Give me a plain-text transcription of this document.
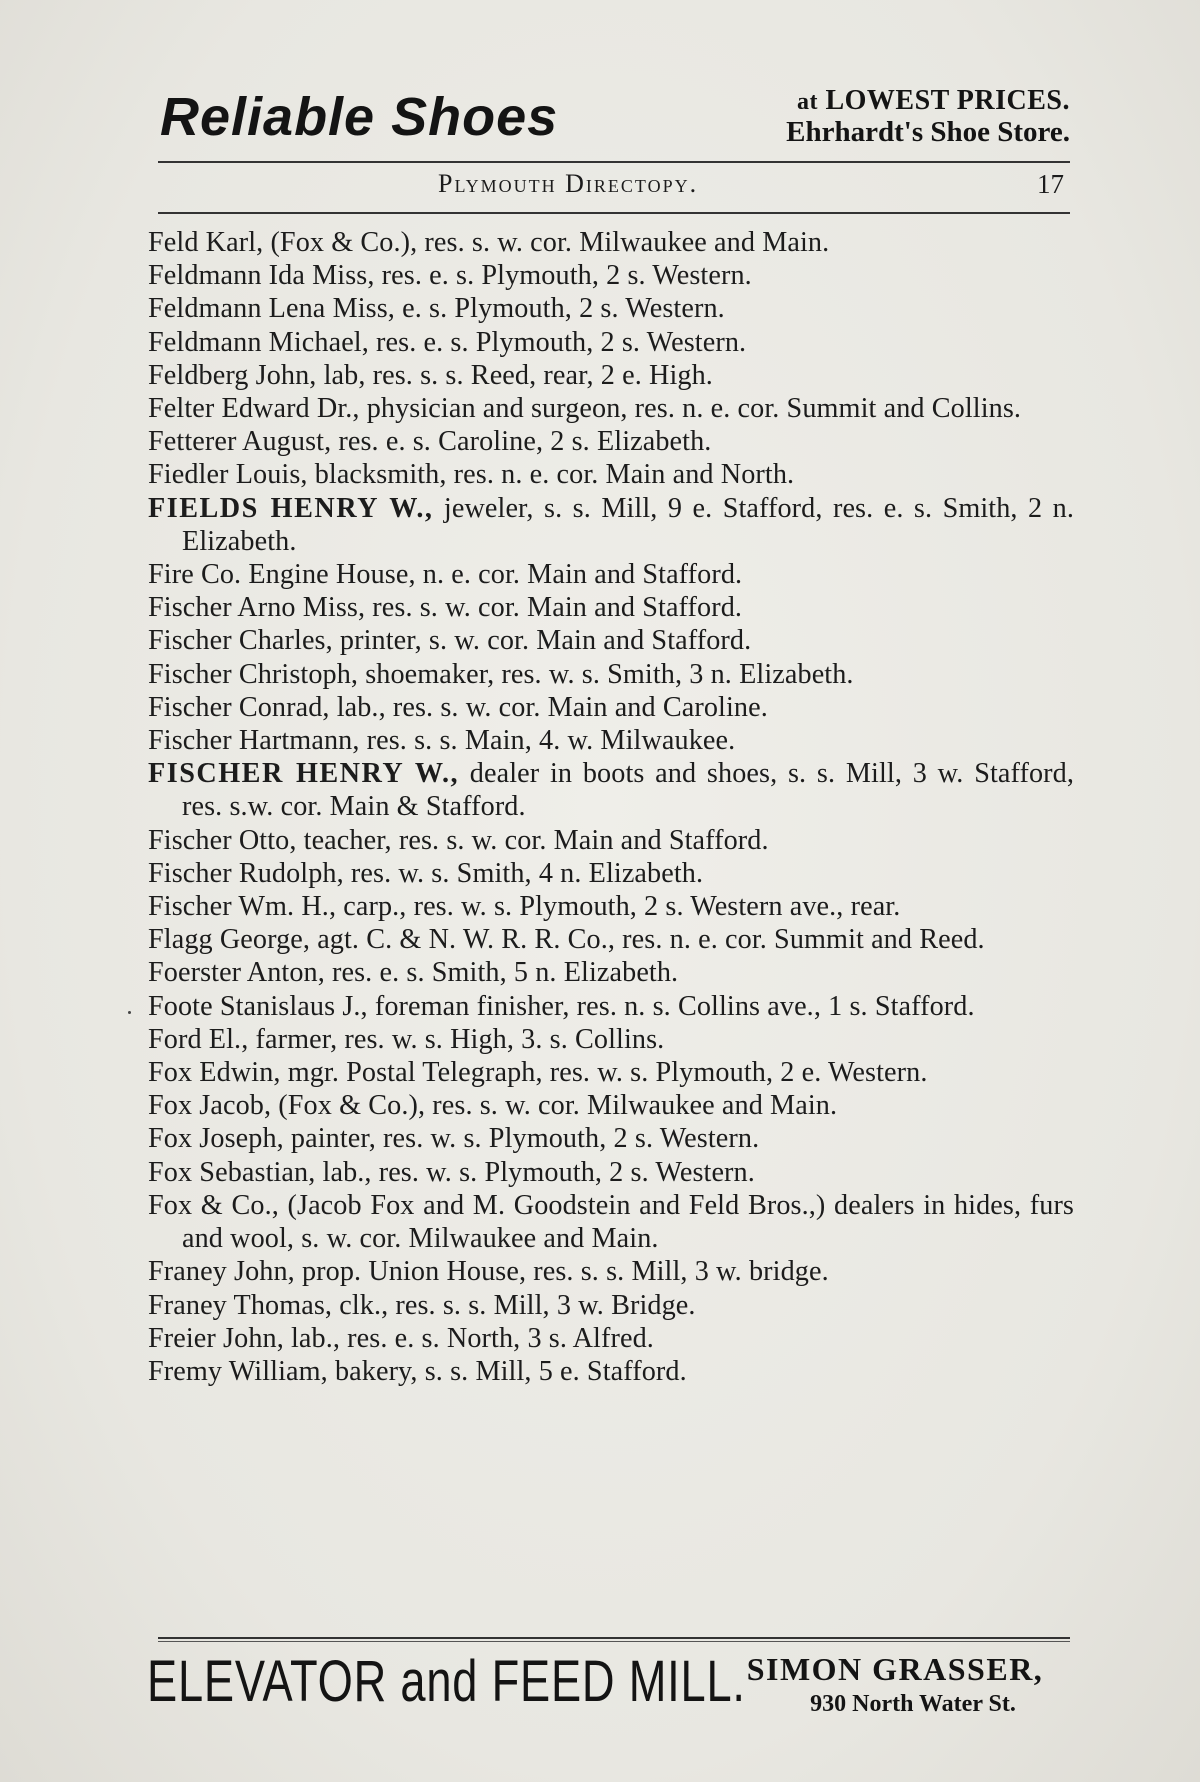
Reliable Shoes	at LOWEST PRICES.
Ehrhardt's Shoe Store.
Plymouth Directopy.	17
Feld Karl, (Fox & Co.), res. s. w. cor. Milwaukee and Main.
Feldmann Ida Miss, res. e. s. Plymouth, 2 s. Western.
Feldmann Lena Miss, e. s. Plymouth, 2 s. Western.
Feldmann Michael, res. e. s. Plymouth, 2 s. Western.
Feldberg John, lab, res. s. s. Reed, rear, 2 e. High.
Felter Edward Dr., physician and surgeon, res. n. e. cor. Summit and Collins.
Fetterer August, res. e. s. Caroline, 2 s. Elizabeth.
Fiedler Louis, blacksmith, res. n. e. cor. Main and North.
FIELDS HENRY W., jeweler, s. s. Mill, 9 e. Stafford, res. e. s. Smith, 2 n. Elizabeth.
Fire Co. Engine House, n. e. cor. Main and Stafford.
Fischer Arno Miss, res. s. w. cor. Main and Stafford.
Fischer Charles, printer, s. w. cor. Main and Stafford.
Fischer Christoph, shoemaker, res. w. s. Smith, 3 n. Elizabeth.
Fischer Conrad, lab., res. s. w. cor. Main and Caroline.
Fischer Hartmann, res. s. s. Main, 4. w. Milwaukee.
FISCHER HENRY W., dealer in boots and shoes, s. s. Mill, 3 w. Stafford, res. s.w. cor. Main & Stafford.
Fischer Otto, teacher, res. s. w. cor. Main and Stafford.
Fischer Rudolph, res. w. s. Smith, 4 n. Elizabeth.
Fischer Wm. H., carp., res. w. s. Plymouth, 2 s. Western ave., rear.
Flagg George, agt. C. & N. W. R. R. Co., res. n. e. cor. Summit and Reed.
Foerster Anton, res. e. s. Smith, 5 n. Elizabeth.
Foote Stanislaus J., foreman finisher, res. n. s. Collins ave., 1 s. Stafford.
Ford El., farmer, res. w. s. High, 3. s. Collins.
Fox Edwin, mgr. Postal Telegraph, res. w. s. Plymouth, 2 e. Western.
Fox Jacob, (Fox & Co.), res. s. w. cor. Milwaukee and Main.
Fox Joseph, painter, res. w. s. Plymouth, 2 s. Western.
Fox Sebastian, lab., res. w. s. Plymouth, 2 s. Western.
Fox & Co., (Jacob Fox and M. Goodstein and Feld Bros.,) dealers in hides, furs and wool, s. w. cor. Milwaukee and Main.
Franey John, prop. Union House, res. s. s. Mill, 3 w. bridge.
Franey Thomas, clk., res. s. s. Mill, 3 w. Bridge.
Freier John, lab., res. e. s. North, 3 s. Alfred.
Fremy William, bakery, s. s. Mill, 5 e. Stafford.
ELEVATOR and FEED MILL. SIMON GRASSER,
930 North Water St.
